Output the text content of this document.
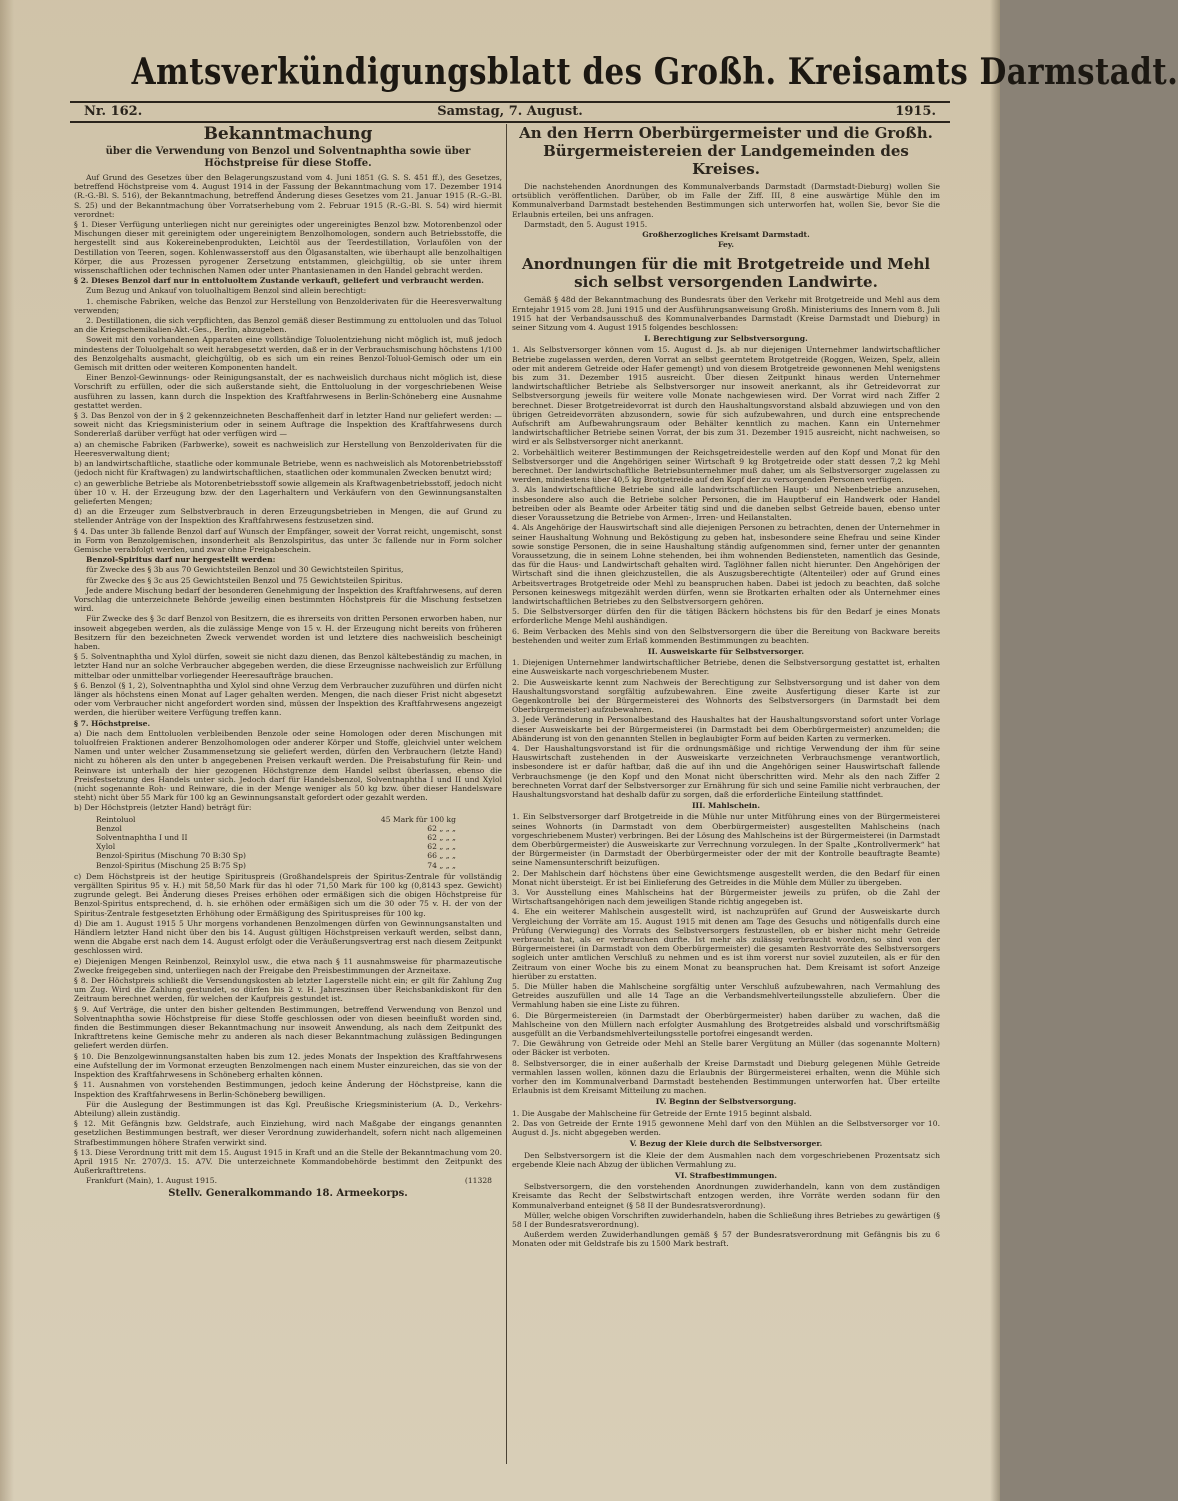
Amtsverkündigungsblatt des Großh. Kreisamts Darmstadt.
Nr. 162.	Samstag, 7. August.	1915.
Bekanntmachung
über die Verwendung von Benzol und Solventnaphtha sowie über Höchstpreise für diese Stoffe.

Auf Grund des Gesetzes über den Belagerungszustand vom 4. Juni 1851 (G. S. S. 451 ff.), des Gesetzes, betreffend Höchstpreise vom 4. August 1914 in der Fassung der Bekanntmachung vom 17. Dezember 1914 (R.-G.-Bl. S. 516), der Bekanntmachung, betreffend Änderung dieses Gesetzes vom 21. Januar 1915 (R.-G.-Bl. S. 25) und der Bekanntmachung über Vorratserhebung vom 2. Februar 1915 (R.-G.-Bl. S. 54) wird hiermit verordnet:

§ 1. Dieser Verfügung unterliegen nicht nur gereinigtes oder ungereinigtes Benzol bzw. Motorenbenzol oder Mischungen dieser mit gereinigtem oder ungereinigtem Benzolhomologen, sondern auch Betriebsstoffe, die hergestellt sind aus Kokereinebenprodukten, Leichtöl aus der Teerdestillation, Vorlaufölen von der Destillation von Teeren, sogen. Kohlenwasserstoff aus den Ölgasanstalten, wie überhaupt alle benzolhaltigen Körper, die aus Prozessen pyrogener Zersetzung entstammen, gleichgültig, ob sie unter ihrem wissenschaftlichen oder technischen Namen oder unter Phantasienamen in den Handel gebracht werden.

§ 2. Dieses Benzol darf nur in enttoluoltem Zustande verkauft, geliefert und verbraucht werden.

Zum Bezug und Ankauf von toluolhaltigem Benzol sind allein berechtigt:

1. chemische Fabriken, welche das Benzol zur Herstellung von Benzolderivaten für die Heeresverwaltung verwenden;

2. Destillationen, die sich verpflichten, das Benzol gemäß dieser Bestimmung zu enttoluolen und das Toluol an die Kriegschemikalien-Akt.-Ges., Berlin, abzugeben.

Soweit mit den vorhandenen Apparaten eine vollständige Toluolentziehung nicht möglich ist, muß jedoch mindestens der Toluolgehalt so weit herabgesetzt werden, daß er in der Verbrauchsmischung höchstens 1/100 des Benzolgehalts ausmacht, gleichgültig, ob es sich um ein reines Benzol-Toluol-Gemisch oder um ein Gemisch mit dritten oder weiteren Komponenten handelt.

Einer Benzol-Gewinnungs- oder Reinigungsanstalt, der es nachweislich durchaus nicht möglich ist, diese Vorschrift zu erfüllen, oder die sich außerstande sieht, die Enttoluolung in der vorgeschriebenen Weise ausführen zu lassen, kann durch die Inspektion des Kraftfahrwesens in Berlin-Schöneberg eine Ausnahme gestattet werden.

§ 3. Das Benzol von der in § 2 gekennzeichneten Beschaffenheit darf in letzter Hand nur geliefert werden: — soweit nicht das Kriegsministerium oder in seinem Auftrage die Inspektion des Kraftfahrwesens durch Sondererlaß darüber verfügt hat oder verfügen wird —

a) an chemische Fabriken (Farbwerke), soweit es nachweislich zur Herstellung von Benzolderivaten für die Heeresverwaltung dient;

b) an landwirtschaftliche, staatliche oder kommunale Betriebe, wenn es nachweislich als Motorenbetriebsstoff (jedoch nicht für Kraftwagen) zu landwirtschaftlichen, staatlichen oder kommunalen Zwecken benutzt wird;

c) an gewerbliche Betriebe als Motorenbetriebsstoff sowie allgemein als Kraftwagenbetriebsstoff, jedoch nicht über 10 v. H. der Erzeugung bzw. der den Lagerhaltern und Verkäufern von den Gewinnungsanstalten gelieferten Mengen;

d) an die Erzeuger zum Selbstverbrauch in deren Erzeugungsbetrieben in Mengen, die auf Grund zu stellender Anträge von der Inspektion des Kraftfahrwesens festzusetzen sind.

§ 4. Das unter 3b fallende Benzol darf auf Wunsch der Empfänger, soweit der Vorrat reicht, ungemischt, sonst in Form von Benzolgemischen, insonderheit als Benzolspiritus, das unter 3c fallende nur in Form solcher Gemische verabfolgt werden, und zwar ohne Freigabeschein.

Benzol-Spiritus darf nur hergestellt werden:

für Zwecke des § 3b aus 70 Gewichtsteilen Benzol und 30 Gewichtsteilen Spiritus,

für Zwecke des § 3c aus 25 Gewichtsteilen Benzol und 75 Gewichtsteilen Spiritus.

Jede andere Mischung bedarf der besonderen Genehmigung der Inspektion des Kraftfahrwesens, auf deren Vorschlag die unterzeichnete Behörde jeweilig einen bestimmten Höchstpreis für die Mischung festsetzen wird.

Für Zwecke des § 3c darf Benzol von Besitzern, die es ihrerseits von dritten Personen erworben haben, nur insoweit abgegeben werden, als die zulässige Menge von 15 v. H. der Erzeugung nicht bereits von früheren Besitzern für den bezeichneten Zweck verwendet worden ist und letztere dies nachweislich bescheinigt haben.

§ 5. Solventnaphtha und Xylol dürfen, soweit sie nicht dazu dienen, das Benzol kältebeständig zu machen, in letzter Hand nur an solche Verbraucher abgegeben werden, die diese Erzeugnisse nachweislich zur Erfüllung mittelbar oder unmittelbar vorliegender Heeresaufträge brauchen.

§ 6. Benzol (§ 1, 2), Solventnaphtha und Xylol sind ohne Verzug dem Verbraucher zuzuführen und dürfen nicht länger als höchstens einen Monat auf Lager gehalten werden. Mengen, die nach dieser Frist nicht abgesetzt oder vom Verbraucher nicht angefordert worden sind, müssen der Inspektion des Kraftfahrwesens angezeigt werden, die hierüber weitere Verfügung treffen kann.

§ 7. Höchstpreise.

a) Die nach dem Enttoluolen verbleibenden Benzole oder seine Homologen oder deren Mischungen mit toluolfreien Fraktionen anderer Benzolhomologen oder anderer Körper und Stoffe, gleichviel unter welchem Namen und unter welcher Zusammensetzung sie geliefert werden, dürfen den Verbrauchern (letzte Hand) nicht zu höheren als den unter b angegebenen Preisen verkauft werden. Die Preisabstufung für Rein- und Reinware ist unterhalb der hier gezogenen Höchstgrenze dem Handel selbst überlassen, ebenso die Preisfestsetzung des Handels unter sich. Jedoch darf für Handelsbenzol, Solventnaphtha I und II und Xylol (nicht sogenannte Roh- und Reinware, die in der Menge weniger als 50 kg bzw. über dieser Handelsware steht) nicht über 55 Mark für 100 kg an Gewinnungsanstalt gefordert oder gezahlt werden.

b) Der Höchstpreis (letzter Hand) beträgt für:

Reintoluol	45 Mark für 100 kg
Benzol	62 „ „ „
Solventnaphtha I und II	62 „ „ „
Xylol	62 „ „ „
Benzol-Spiritus (Mischung 70 B:30 Sp)	66 „ „ „
Benzol-Spiritus (Mischung 25 B:75 Sp)	74 „ „ „

c) Dem Höchstpreis ist der heutige Spirituspreis (Großhandelspreis der Spiritus-Zentrale für vollständig vergällten Spiritus 95 v. H.) mit 58,50 Mark für das hl oder 71,50 Mark für 100 kg (0,8143 spez. Gewicht) zugrunde gelegt. Bei Änderung dieses Preises erhöhen oder ermäßigen sich die obigen Höchstpreise für Benzol-Spiritus entsprechend, d. h. sie erhöhen oder ermäßigen sich um die 30 oder 75 v. H. der von der Spiritus-Zentrale festgesetzten Erhöhung oder Ermäßigung des Spirituspreises für 100 kg.

d) Die am 1. August 1915 5 Uhr morgens vorhandenen Benzolmengen dürfen von Gewinnungsanstalten und Händlern letzter Hand nicht über den bis 14. August gültigen Höchstpreisen verkauft werden, selbst dann, wenn die Abgabe erst nach dem 14. August erfolgt oder die Veräußerungsvertrag erst nach diesem Zeitpunkt geschlossen wird.

e) Diejenigen Mengen Reinbenzol, Reinxylol usw., die etwa nach § 11 ausnahmsweise für pharmazeutische Zwecke freigegeben sind, unterliegen nach der Freigabe den Preisbestimmungen der Arzneitaxe.

§ 8. Der Höchstpreis schließt die Versendungskosten ab letzter Lagerstelle nicht ein; er gilt für Zahlung Zug um Zug. Wird die Zahlung gestundet, so dürfen bis 2 v. H. Jahreszinsen über Reichsbankdiskont für den Zeitraum berechnet werden, für welchen der Kaufpreis gestundet ist.

§ 9. Auf Verträge, die unter den bisher geltenden Bestimmungen, betreffend Verwendung von Benzol und Solventnaphtha sowie Höchstpreise für diese Stoffe geschlossen oder von diesen beeinflußt worden sind, finden die Bestimmungen dieser Bekanntmachung nur insoweit Anwendung, als nach dem Zeitpunkt des Inkrafttretens keine Gemische mehr zu anderen als nach dieser Bekanntmachung zulässigen Bedingungen geliefert werden dürfen.

§ 10. Die Benzolgewinnungsanstalten haben bis zum 12. jedes Monats der Inspektion des Kraftfahrwesens eine Aufstellung der im Vormonat erzeugten Benzolmengen nach einem Muster einzureichen, das sie von der Inspektion des Kraftfahrwesens in Schöneberg erhalten können.

§ 11. Ausnahmen von vorstehenden Bestimmungen, jedoch keine Änderung der Höchstpreise, kann die Inspektion des Kraftfahrwesens in Berlin-Schöneberg bewilligen.

Für die Auslegung der Bestimmungen ist das Kgl. Preußische Kriegsministerium (A. D., Verkehrs-Abteilung) allein zuständig.

§ 12. Mit Gefängnis bzw. Geldstrafe, auch Einziehung, wird nach Maßgabe der eingangs genannten gesetzlichen Bestimmungen bestraft, wer dieser Verordnung zuwiderhandelt, sofern nicht nach allgemeinen Strafbestimmungen höhere Strafen verwirkt sind.

§ 13. Diese Verordnung tritt mit dem 15. August 1915 in Kraft und an die Stelle der Bekanntmachung vom 20. April 1915 Nr. 2707/3. 15. A7V. Die unterzeichnete Kommandobehörde bestimmt den Zeitpunkt des Außerkrafttretens.

Frankfurt (Main), 1. August 1915.	(11328

Stellv. Generalkommando 18. Armeekorps.
An den Herrn Oberbürgermeister und die Großh. Bürgermeistereien der Landgemeinden des Kreises.

Die nachstehenden Anordnungen des Kommunalverbands Darmstadt (Darmstadt-Dieburg) wollen Sie ortsüblich veröffentlichen. Darüber, ob im Falle der Ziff. III, 8 eine auswärtige Mühle den im Kommunalverband Darmstadt bestehenden Bestimmungen sich unterworfen hat, wollen Sie, bevor Sie die Erlaubnis erteilen, bei uns anfragen.

Darmstadt, den 5. August 1915.

Großherzogliches Kreisamt Darmstadt.

Fey.

Anordnungen für die mit Brotgetreide und Mehl sich selbst versorgenden Landwirte.

Gemäß § 48d der Bekanntmachung des Bundesrats über den Verkehr mit Brotgetreide und Mehl aus dem Erntejahr 1915 vom 28. Juni 1915 und der Ausführungsanweisung Großh. Ministeriums des Innern vom 8. Juli 1915 hat der Verbandsausschuß des Kommunalverbandes Darmstadt (Kreise Darmstadt und Dieburg) in seiner Sitzung vom 4. August 1915 folgendes beschlossen:

I. Berechtigung zur Selbstversorgung.

1. Als Selbstversorger können vom 15. August d. Js. ab nur diejenigen Unternehmer landwirtschaftlicher Betriebe zugelassen werden, deren Vorrat an selbst geerntetem Brotgetreide (Roggen, Weizen, Spelz, allein oder mit anderem Getreide oder Hafer gemengt) und von diesem Brotgetreide gewonnenen Mehl wenigstens bis zum 31. Dezember 1915 ausreicht. Über diesen Zeitpunkt hinaus werden Unternehmer landwirtschaftlicher Betriebe als Selbstversorger nur insoweit anerkannt, als ihr Getreidevorrat zur Selbstversorgung jeweils für weitere volle Monate nachgewiesen wird. Der Vorrat wird nach Ziffer 2 berechnet. Dieser Brotgetreidevorrat ist durch den Haushaltungsvorstand alsbald abzuwiegen und von den übrigen Getreidevorräten abzusondern, sowie für sich aufzubewahren, und durch eine entsprechende Aufschrift am Aufbewahrungsraum oder Behälter kenntlich zu machen. Kann ein Unternehmer landwirtschaftlicher Betriebe seinen Vorrat, der bis zum 31. Dezember 1915 ausreicht, nicht nachweisen, so wird er als Selbstversorger nicht anerkannt.

2. Vorbehältlich weiterer Bestimmungen der Reichsgetreidestelle werden auf den Kopf und Monat für den Selbstversorger und die Angehörigen seiner Wirtschaft 9 kg Brotgetreide oder statt dessen 7,2 kg Mehl berechnet. Der landwirtschaftliche Betriebsunternehmer muß daher, um als Selbstversorger zugelassen zu werden, mindestens über 40,5 kg Brotgetreide auf den Kopf der zu versorgenden Personen verfügen.

3. Als landwirtschaftliche Betriebe sind alle landwirtschaftlichen Haupt- und Nebenbetriebe anzusehen, insbesondere also auch die Betriebe solcher Personen, die im Hauptberuf ein Handwerk oder Handel betreiben oder als Beamte oder Arbeiter tätig sind und die daneben selbst Getreide bauen, ebenso unter dieser Voraussetzung die Betriebe von Armen-, Irren- und Heilanstalten.

4. Als Angehörige der Hauswirtschaft sind alle diejenigen Personen zu betrachten, denen der Unternehmer in seiner Haushaltung Wohnung und Beköstigung zu geben hat, insbesondere seine Ehefrau und seine Kinder sowie sonstige Personen, die in seine Haushaltung ständig aufgenommen sind, ferner unter der genannten Voraussetzung, die in seinem Lohne stehenden, bei ihm wohnenden Bediensteten, namentlich das Gesinde, das für die Haus- und Landwirtschaft gehalten wird. Taglöhner fallen nicht hierunter. Den Angehörigen der Wirtschaft sind die ihnen gleichzustellen, die als Auszugsberechtigte (Altenteiler) oder auf Grund eines Arbeitsvertrages Brotgetreide oder Mehl zu beanspruchen haben. Dabei ist jedoch zu beachten, daß solche Personen keineswegs mitgezählt werden dürfen, wenn sie Brotkarten erhalten oder als Unternehmer eines landwirtschaftlichen Betriebes zu den Selbstversorgern gehören.

5. Die Selbstversorger dürfen den für die tätigen Bäckern höchstens bis für den Bedarf je eines Monats erforderliche Menge Mehl aushändigen.

6. Beim Verbacken des Mehls sind von den Selbstversorgern die über die Bereitung von Backware bereits bestehenden und weiter zum Erlaß kommenden Bestimmungen zu beachten.

II. Ausweiskarte für Selbstversorger.

1. Diejenigen Unternehmer landwirtschaftlicher Betriebe, denen die Selbstversorgung gestattet ist, erhalten eine Ausweiskarte nach vorgeschriebenem Muster.

2. Die Ausweiskarte kennt zum Nachweis der Berechtigung zur Selbstversorgung und ist daher von dem Haushaltungsvorstand sorgfältig aufzubewahren. Eine zweite Ausfertigung dieser Karte ist zur Gegenkontrolle bei der Bürgermeisterei des Wohnorts des Selbstversorgers (in Darmstadt bei dem Oberbürgermeister) aufzubewahren.

3. Jede Veränderung in Personalbestand des Haushaltes hat der Haushaltungsvorstand sofort unter Vorlage dieser Ausweiskarte bei der Bürgermeisterei (in Darmstadt bei dem Oberbürgermeister) anzumelden; die Abänderung ist von den genannten Stellen in beglaubigter Form auf beiden Karten zu vermerken.

4. Der Haushaltungsvorstand ist für die ordnungsmäßige und richtige Verwendung der ihm für seine Hauswirtschaft zustehenden in der Ausweiskarte verzeichneten Verbrauchsmenge verantwortlich, insbesondere ist er dafür haftbar, daß die auf ihn und die Angehörigen seiner Hauswirtschaft fallende Verbrauchsmenge (je den Kopf und den Monat nicht überschritten wird. Mehr als den nach Ziffer 2 berechneten Vorrat darf der Selbstversorger zur Ernährung für sich und seine Familie nicht verbrauchen, der Haushaltungsvorstand hat deshalb dafür zu sorgen, daß die erforderliche Einteilung stattfindet.

III. Mahlschein.

1. Ein Selbstversorger darf Brotgetreide in die Mühle nur unter Mitführung eines von der Bürgermeisterei seines Wohnorts (in Darmstadt von dem Oberbürgermeister) ausgestellten Mahlscheins (nach vorgeschriebenem Muster) verbringen. Bei der Lösung des Mahlscheins ist der Bürgermeisterei (in Darmstadt dem Oberbürgermeister) die Ausweiskarte zur Verrechnung vorzulegen. In der Spalte „Kontrollvermerk“ hat der Bürgermeister (in Darmstadt der Oberbürgermeister oder der mit der Kontrolle beauftragte Beamte) seine Namensunterschrift beizufügen.

2. Der Mahlschein darf höchstens über eine Gewichtsmenge ausgestellt werden, die den Bedarf für einen Monat nicht übersteigt. Er ist bei Einlieferung des Getreides in die Mühle dem Müller zu übergeben.

3. Vor Ausstellung eines Mahlscheins hat der Bürgermeister jeweils zu prüfen, ob die Zahl der Wirtschaftsangehörigen nach dem jeweiligen Stande richtig angegeben ist.

4. Ehe ein weiterer Mahlschein ausgestellt wird, ist nachzuprüfen auf Grund der Ausweiskarte durch Vergleichung der Vorräte am 15. August 1915 mit denen am Tage des Gesuchs und nötigenfalls durch eine Prüfung (Verwiegung) des Vorrats des Selbstversorgers festzustellen, ob er bisher nicht mehr Getreide verbraucht hat, als er verbrauchen durfte. Ist mehr als zulässig verbraucht worden, so sind von der Bürgermeisterei (in Darmstadt von dem Oberbürgermeister) die gesamten Restvorräte des Selbstversorgers sogleich unter amtlichen Verschluß zu nehmen und es ist ihm vorerst nur soviel zuzuteilen, als er für den Zeitraum von einer Woche bis zu einem Monat zu beanspruchen hat. Dem Kreisamt ist sofort Anzeige hierüber zu erstatten.

5. Die Müller haben die Mahlscheine sorgfältig unter Verschluß aufzubewahren, nach Vermahlung des Getreides auszufüllen und alle 14 Tage an die Verbandsmehlverteilungsstelle abzuliefern. Über die Vermahlung haben sie eine Liste zu führen.

6. Die Bürgermeistereien (in Darmstadt der Oberbürgermeister) haben darüber zu wachen, daß die Mahlscheine von den Müllern nach erfolgter Ausmahlung des Brotgetreides alsbald und vorschriftsmäßig ausgefüllt an die Verbandsmehlverteilungsstelle portofrei eingesandt werden.

7. Die Gewährung von Getreide oder Mehl an Stelle barer Vergütung an Müller (das sogenannte Moltern) oder Bäcker ist verboten.

8. Selbstversorger, die in einer außerhalb der Kreise Darmstadt und Dieburg gelegenen Mühle Getreide vermahlen lassen wollen, können dazu die Erlaubnis der Bürgermeisterei erhalten, wenn die Mühle sich vorher den im Kommunalverband Darmstadt bestehenden Bestimmungen unterworfen hat. Über erteilte Erlaubnis ist dem Kreisamt Mitteilung zu machen.

IV. Beginn der Selbstversorgung.

1. Die Ausgabe der Mahlscheine für Getreide der Ernte 1915 beginnt alsbald.

2. Das von Getreide der Ernte 1915 gewonnene Mehl darf von den Mühlen an die Selbstversorger vor 10. August d. Js. nicht abgegeben werden.

V. Bezug der Kleie durch die Selbstversorger.

Den Selbstversorgern ist die Kleie der dem Ausmahlen nach dem vorgeschriebenen Prozentsatz sich ergebende Kleie nach Abzug der üblichen Vermahlung zu.

VI. Strafbestimmungen.

Selbstversorgern, die den vorstehenden Anordnungen zuwiderhandeln, kann von dem zuständigen Kreisamte das Recht der Selbstwirtschaft entzogen werden, ihre Vorräte werden sodann für den Kommunalverband enteignet (§ 58 II der Bundesratsverordnung).

Müller, welche obigen Vorschriften zuwiderhandeln, haben die Schließung ihres Betriebes zu gewärtigen (§ 58 I der Bundesratsverordnung).

Außerdem werden Zuwiderhandlungen gemäß § 57 der Bundesratsverordnung mit Gefängnis bis zu 6 Monaten oder mit Geldstrafe bis zu 1500 Mark bestraft.
